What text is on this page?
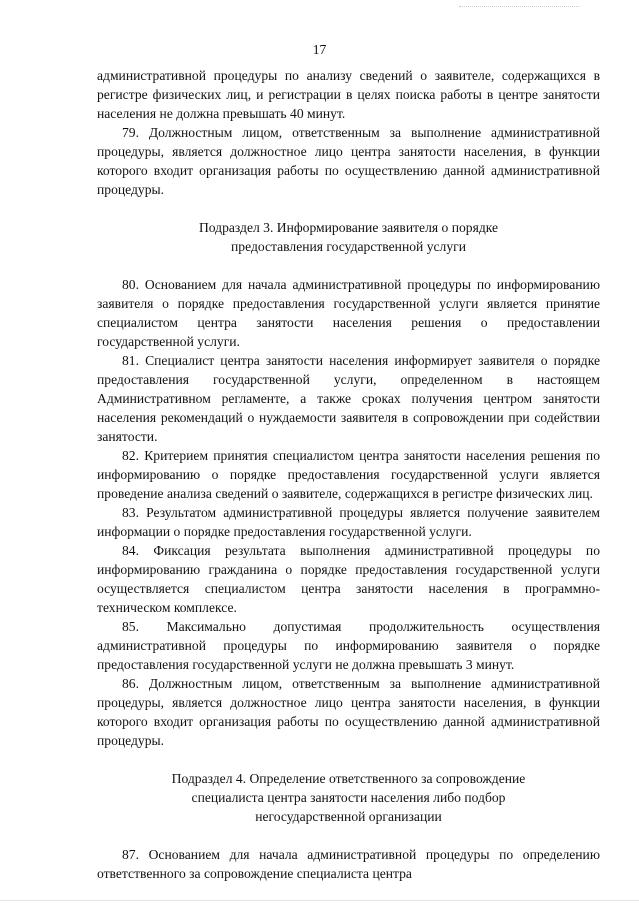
17

административной процедуры по анализу сведений о заявителе, содержащихся в регистре физических лиц, и регистрации в целях поиска работы в центре занятости населения не должна превышать 40 минут.

79. Должностным лицом, ответственным за выполнение административной процедуры, является должностное лицо центра занятости населения, в функции которого входит организация работы по осуществлению данной административной процедуры.

Подраздел 3. Информирование заявителя о порядке

предоставления государственной услуги

80. Основанием для начала административной процедуры по информированию заявителя о порядке предоставления государственной услуги является принятие специалистом центра занятости населения решения о предоставлении государственной услуги.

81. Специалист центра занятости населения информирует заявителя о порядке предоставления государственной услуги, определенном в настоящем Административном регламенте, а также сроках получения центром занятости населения рекомендаций о нуждаемости заявителя в сопровождении при содействии занятости.

82. Критерием принятия специалистом центра занятости населения решения по информированию о порядке предоставления государственной услуги является проведение анализа сведений о заявителе, содержащихся в регистре физических лиц.

83. Результатом административной процедуры является получение заявителем информации о порядке предоставления государственной услуги.

84. Фиксация результата выполнения административной процедуры по информированию гражданина о порядке предоставления государственной услуги осуществляется специалистом центра занятости населения в программно-техническом комплексе.

85. Максимально допустимая продолжительность осуществления административной процедуры по информированию заявителя о порядке предоставления государственной услуги не должна превышать 3 минут.

86. Должностным лицом, ответственным за выполнение административной процедуры, является должностное лицо центра занятости населения, в функции которого входит организация работы по осуществлению данной административной процедуры.

Подраздел 4. Определение ответственного за сопровождение

специалиста центра занятости населения либо подбор

негосударственной организации

87. Основанием для начала административной процедуры по определению ответственного за сопровождение специалиста центра
